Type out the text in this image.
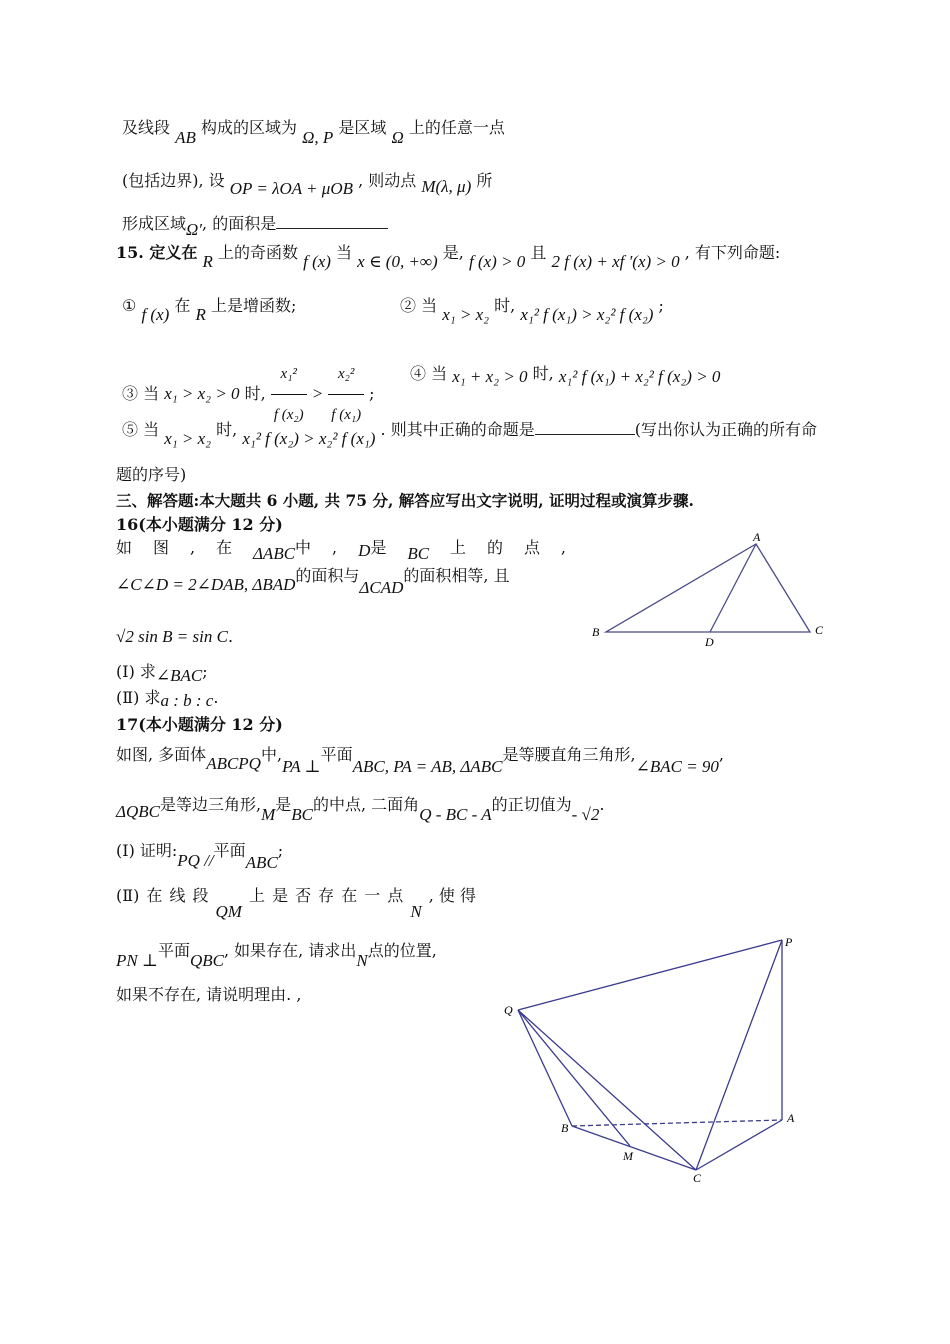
及线段 AB 构成的区域为 Ω, P 是区域 Ω 上的任意一点
(包括边界), 设 OP = λOA + μOB , 则动点 M(λ, μ) 所
形成区域Ω′, 的面积是
15. 定义在 R 上的奇函数 f (x) 当 x ∈ (0, +∞) 是, f (x) > 0 且 2 f (x) + xf ′(x) > 0 , 有下列命题:
① f (x) 在 R 上是增函数;	② 当 x₁ > x₂ 时, x₁² f (x₁) > x₂² f (x₂) ;
③ 当 x₁ > x₂ > 0 时, $\frac{\text{x₁²}}{\text{f (x₂)}} > \frac{\text{x₂²}}{\text{f (x₁)}}$ ;
④ 当 x₁ + x₂ > 0 时, x₁² f (x₁) + x₂² f (x₂) > 0
⑤ 当 x₁ > x₂ 时, x₁² f (x₂) > x₂² f (x₁) . 则其中正确的命题是	(写出你认为正确的所有命
题的序号)
三、解答题:本大题共 6 小题, 共 75 分, 解答应写出文字说明, 证明过程或演算步骤.
16(本小题满分 12 分)
如 图 , 在 ΔABC中 , D是 BC 上 的 点 ,
∠C∠D = 2∠DAB, ΔBAD的面积与ΔCAD的面积相等, 且
√2 sin B = sin C.
(Ⅰ) 求∠BAC;
(Ⅱ) 求a : b : c.
A
B	C
D
17(本小题满分 12 分)
如图, 多面体ABCPQ中,PA ⊥平面ABC, PA = AB, ΔABC是等腰直角三角形,∠BAC = 90,
ΔQBC是等边三角形,M是BC的中点, 二面角Q - BC - A的正切值为- √2.
(Ⅰ) 证明:PQ //平面ABC;
(Ⅱ) 在 线 段
QM
上 是 否 存 在 一 点
N
, 使 得
PN ⊥平面QBC, 如果存在, 请求出N点的位置,
如果不存在, 请说明理由. ,
Q
P
A
B
M
C
